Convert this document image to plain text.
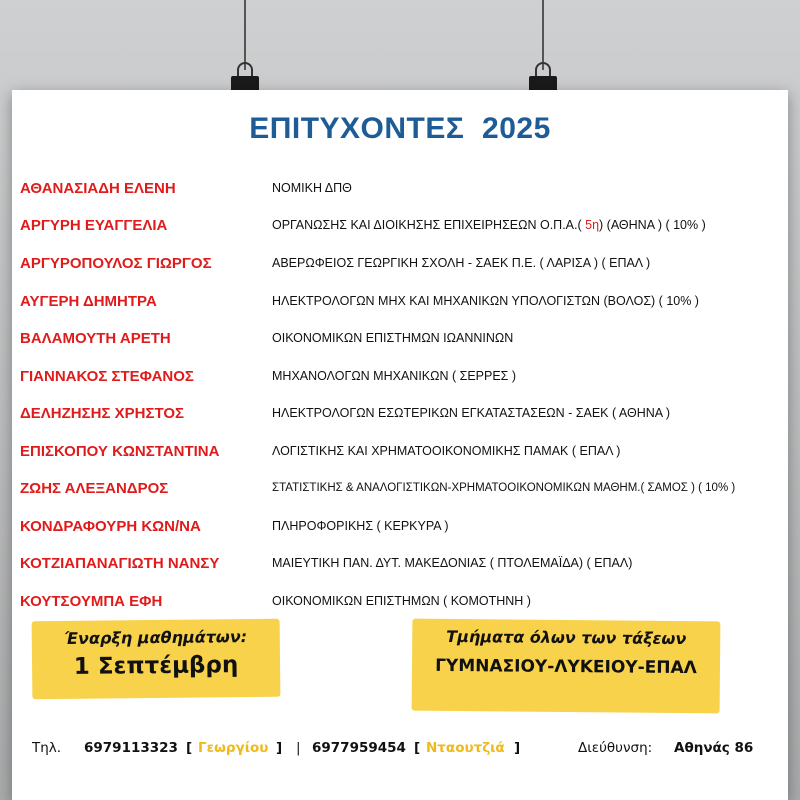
ΕΠΙΤΥΧΟΝΤΕΣ  2025
ΑΘΑΝΑΣΙΑΔΗ ΕΛΕΝΗ	ΝΟΜΙΚΗ ΔΠΘ
ΑΡΓΥΡΗ ΕΥΑΓΓΕΛΙΑ	ΟΡΓΑΝΩΣΗΣ ΚΑΙ ΔΙΟΙΚΗΣΗΣ ΕΠΙΧΕΙΡΗΣΕΩΝ Ο.Π.Α.( 5η) (ΑΘΗΝΑ ) ( 10% )
ΑΡΓΥΡΟΠΟΥΛΟΣ ΓΙΩΡΓΟΣ	ΑΒΕΡΩΦΕΙΟΣ ΓΕΩΡΓΙΚΗ ΣΧΟΛΗ - ΣΑΕΚ Π.Ε. ( ΛΑΡΙΣΑ ) ( ΕΠΑΛ )
ΑΥΓΕΡΗ ΔΗΜΗΤΡΑ	ΗΛΕΚΤΡΟΛΟΓΩΝ ΜΗΧ ΚΑΙ ΜΗΧΑΝΙΚΩΝ ΥΠΟΛΟΓΙΣΤΩΝ (ΒΟΛΟΣ) ( 10% )
ΒΑΛΑΜΟΥΤΗ ΑΡΕΤΗ	ΟΙΚΟΝΟΜΙΚΩΝ ΕΠΙΣΤΗΜΩΝ ΙΩΑΝΝΙΝΩΝ
ΓΙΑΝΝΑΚΟΣ ΣΤΕΦΑΝΟΣ	ΜΗΧΑΝΟΛΟΓΩΝ ΜΗΧΑΝΙΚΩΝ ( ΣΕΡΡΕΣ )
ΔΕΛΗΖΗΣΗΣ ΧΡΗΣΤΟΣ	ΗΛΕΚΤΡΟΛΟΓΩΝ ΕΣΩΤΕΡΙΚΩΝ ΕΓΚΑΤΑΣΤΑΣΕΩΝ - ΣΑΕΚ ( ΑΘΗΝΑ )
ΕΠΙΣΚΟΠΟΥ ΚΩΝΣΤΑΝΤΙΝΑ	ΛΟΓΙΣΤΙΚΗΣ ΚΑΙ ΧΡΗΜΑΤΟΟΙΚΟΝΟΜΙΚΗΣ ΠΑΜΑΚ ( ΕΠΑΛ )
ΖΩΗΣ ΑΛΕΞΑΝΔΡΟΣ	ΣΤΑΤΙΣΤΙΚΗΣ & ΑΝΑΛΟΓΙΣΤΙΚΩΝ-ΧΡΗΜΑΤΟΟΙΚΟΝΟΜΙΚΩΝ ΜΑΘΗΜ.( ΣΑΜΟΣ ) ( 10% )
ΚΟΝΔΡΑΦΟΥΡΗ ΚΩΝ/ΝΑ	ΠΛΗΡΟΦΟΡΙΚΗΣ ( ΚΕΡΚΥΡΑ )
ΚΟΤΖΙΑΠΑΝΑΓΙΩΤΗ ΝΑΝΣΥ	ΜΑΙΕΥΤΙΚΗ ΠΑΝ. ΔΥΤ. ΜΑΚΕΔΟΝΙΑΣ ( ΠΤΟΛΕΜΑΪΔΑ) ( ΕΠΑΛ)
ΚΟΥΤΣΟΥΜΠΑ ΕΦΗ	ΟΙΚΟΝΟΜΙΚΩΝ ΕΠΙΣΤΗΜΩΝ ( ΚΟΜΟΤΗΝΗ )
Έναρξη μαθημάτων:
1 Σεπτέμβρη
Τμήματα όλων των τάξεων
ΓΥΜΝΑΣΙΟΥ-ΛΥΚΕΙΟΥ-ΕΠΑΛ
Τηλ. 6979113323 [ Γεωργίου ] | 6977959454 [ Νταουτζιά ]	Διεύθυνση: Αθηνάς 86
